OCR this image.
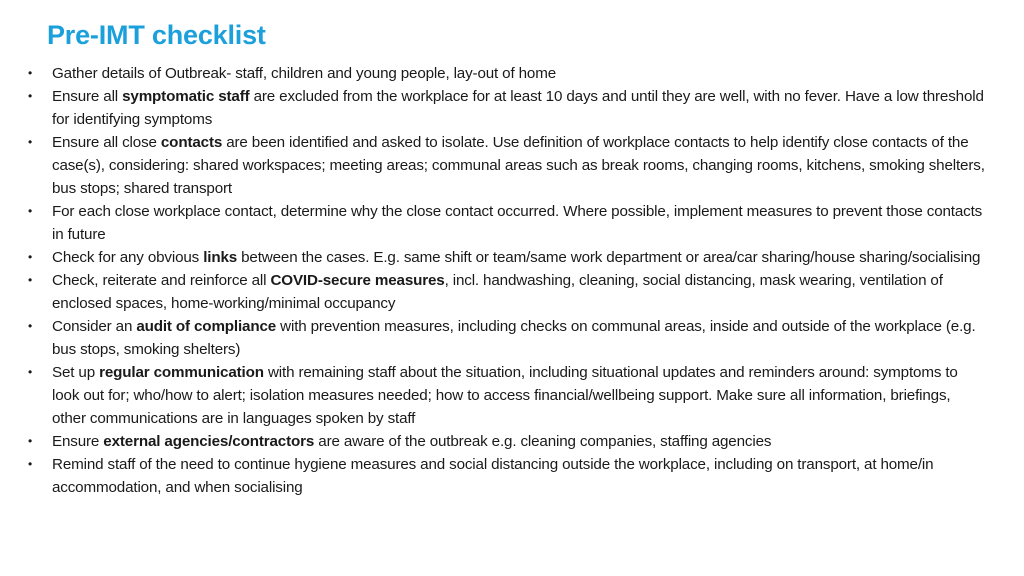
Pre-IMT checklist
•	Gather details of Outbreak- staff, children and young people, lay-out of home
•	Ensure all symptomatic staff are excluded from the workplace for at least 10 days and until they are well, with no fever. Have a low threshold for identifying symptoms
•	Ensure all close contacts are been identified and asked to isolate. Use definition of workplace contacts to help identify close contacts of the case(s), considering: shared workspaces; meeting areas; communal areas such as break rooms, changing rooms, kitchens, smoking shelters, bus stops; shared transport
•	For each close workplace contact, determine why the close contact occurred. Where possible, implement measures to prevent those contacts in future
•	Check for any obvious links between the cases. E.g. same shift or team/same work department or area/car sharing/house sharing/socialising
•	Check, reiterate and reinforce all COVID-secure measures, incl. handwashing, cleaning, social distancing, mask wearing, ventilation of enclosed spaces, home-working/minimal occupancy
•	Consider an audit of compliance with prevention measures, including checks on communal areas, inside and outside of the workplace (e.g. bus stops, smoking shelters)
•	Set up regular communication with remaining staff about the situation, including situational updates and reminders around: symptoms to look out for; who/how to alert; isolation measures needed; how to access financial/wellbeing support. Make sure all information, briefings, other communications are in languages spoken by staff
•	Ensure external agencies/contractors are aware of the outbreak e.g. cleaning companies, staffing agencies
•	Remind staff of the need to continue hygiene measures and social distancing outside the workplace, including on transport, at home/in accommodation, and when socialising
